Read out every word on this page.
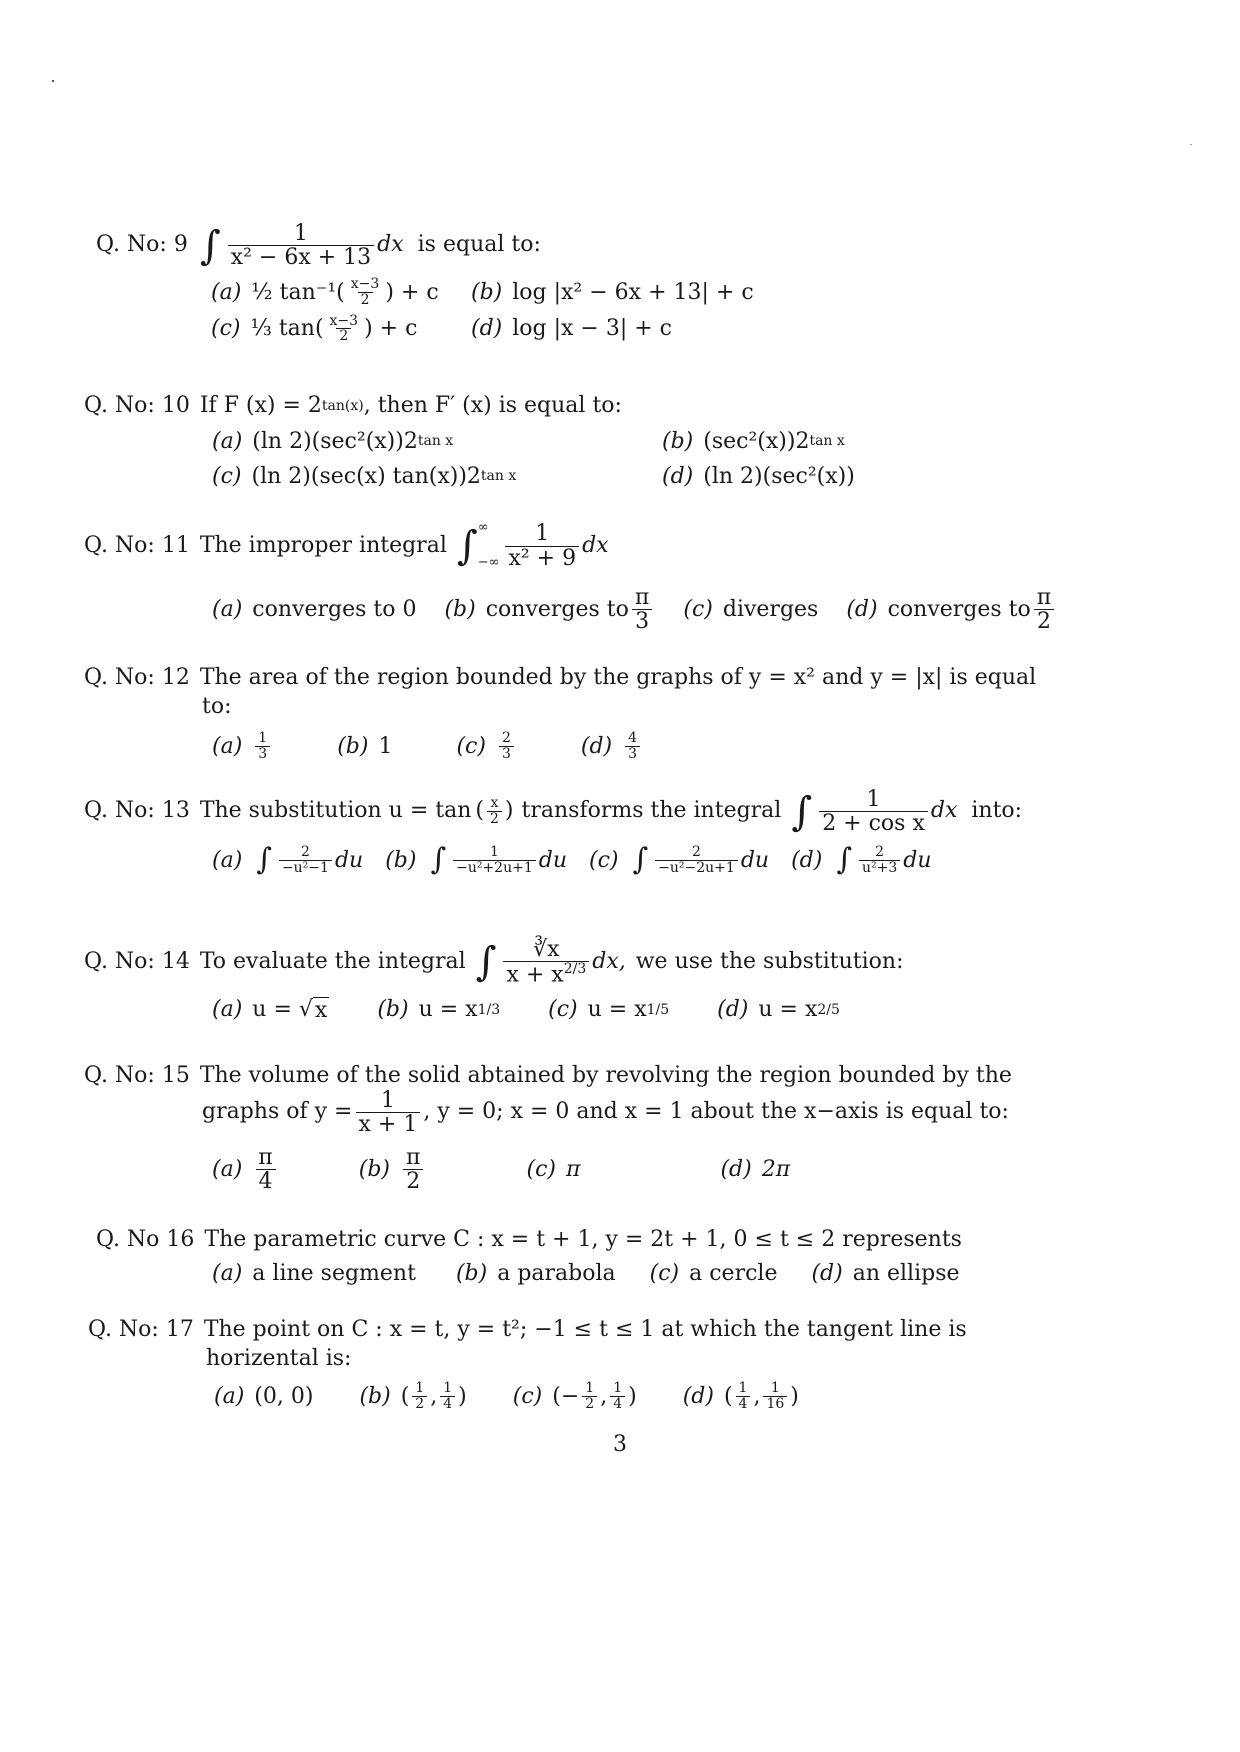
Q. No: 9 ∫ $\frac{1}{\text{x² − 6x + 13}}$ dx is equal to:
(a) ½ $\tan^{-1}( \frac{x-3}{2}$ ) + c (b) log |x² − 6x + 13| + c
(c) ⅓ $\tan( \frac{x-3}{2}$ ) + c (d) log |x − 3| + c
Q. No: 10 If F (x) = 2 tan(x) , then F′ (x) is equal to:
(a) (ln 2)(sec²(x))2 tan x	(b) (sec²(x))2 tan x
(c) (ln 2)(sec(x) tan(x))2 tan x	(d) (ln 2)(sec²(x))
Q. No: 11 The improper integral ∫ ∞
−∞ $\frac{1}{\text{x² + 9}}$ dx
(a) converges to 0 (b) converges to $\frac{\pi}{3} (c)$ diverges (d) converges to $\frac{\pi}{2}$
Q. No: 12 The area of the region bounded by the graphs of y = x² and y = |x| is equal
to:
$(a) \frac{1}{3}$	(b) 1	$(c) \frac{2}{3}$	$(d) \frac{4}{3}$
Q. No: 13 The substitution u = tan ( $\frac{x}{2}$ ) transforms the integral ∫ $\frac{1}{\text{2 + cos x}}$ dx into:
(a) ∫ $\frac{2}{\text{−u²−1}}$ du (b) ∫ $\frac{1}{\text{−u²+2u+1}}$ du (c) ∫ $\frac{2}{\text{−u²−2u+1}}$ du (d) ∫ $\frac{2}{\text{u²+3}}$ du
Q. No: 14 To evaluate the integral ∫ $\frac{∛x}{x + x^{2/3}}$ dx, we use the substitution:
(a) u = √ x (b) u = x 1/3 (c) u = x 1/5 (d) u = x 2/5
Q. No: 15 The volume of the solid abtained by revolving the region bounded by the
graphs of $y = \frac{1}{x + 1}$ , y = 0; x = 0 and x = 1 about the x−axis is equal to:
$(a) \frac{\pi}{4}$	$(b) \frac{\pi}{2}$	(c) π	(d) 2π
Q. No 16 The parametric curve C : x = t + 1, y = 2t + 1, 0 ≤ t ≤ 2 represents
(a) a line segment (b) a parabola (c) a cercle (d) an ellipse
Q. No: 17 The point on C : x = t, y = t²; −1 ≤ t ≤ 1 at which the tangent line is
horizental is:
(a) (0, 0) (b) ( $\frac{1}{2}$ , $\frac{1}{4}$ ) (c) ( − $\frac{1}{2}$ , $\frac{1}{4}$ ) (d) ( $\frac{1}{4}$ , $\frac{1}{16}$ )
3
